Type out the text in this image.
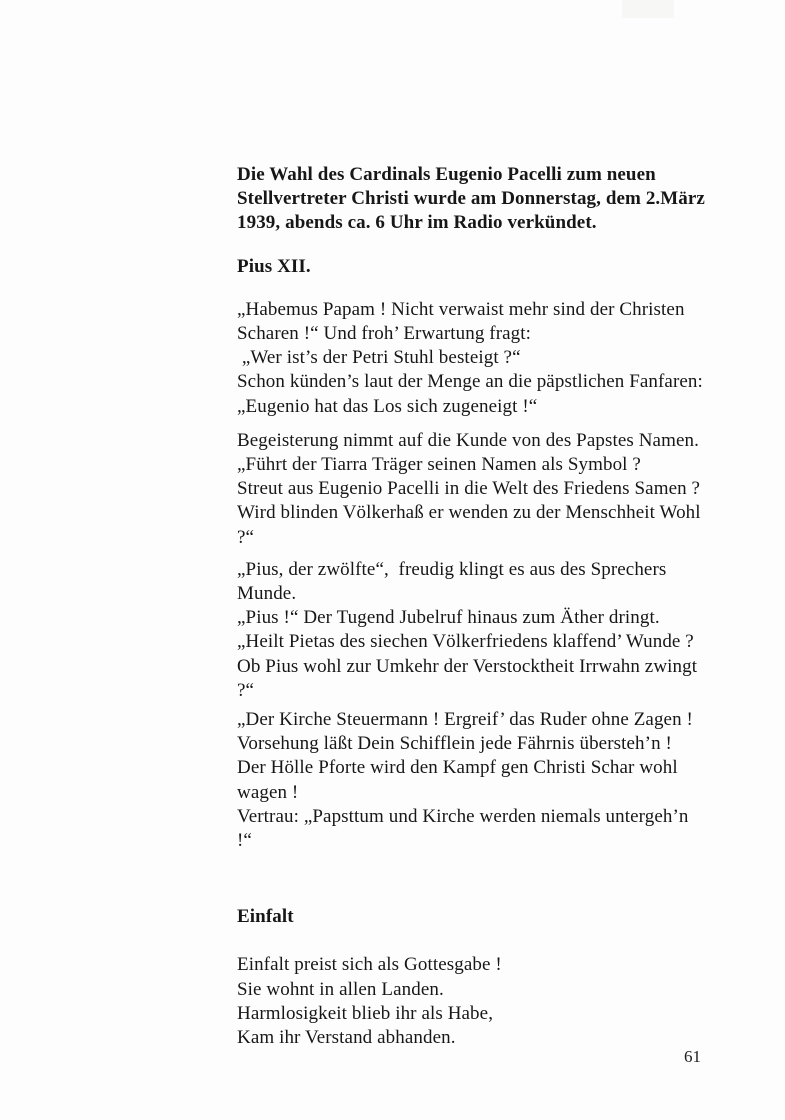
Die Wahl des Cardinals Eugenio Pacelli zum neuen
Stellvertreter Christi wurde am Donnerstag, dem 2.März
1939, abends ca. 6 Uhr im Radio verkündet.
Pius XII.
„Habemus Papam ! Nicht verwaist mehr sind der Christen
Scharen !“ Und froh’ Erwartung fragt:
„Wer ist’s der Petri Stuhl besteigt ?“
Schon künden’s laut der Menge an die päpstlichen Fanfaren:
„Eugenio hat das Los sich zugeneigt !“
Begeisterung nimmt auf die Kunde von des Papstes Namen.
„Führt der Tiarra Träger seinen Namen als Symbol ?
Streut aus Eugenio Pacelli in die Welt des Friedens Samen ?
Wird blinden Völkerhaß er wenden zu der Menschheit Wohl
?“
„Pius, der zwölfte“,  freudig klingt es aus des Sprechers
Munde.
„Pius !“ Der Tugend Jubelruf hinaus zum Äther dringt.
„Heilt Pietas des siechen Völkerfriedens klaffend’ Wunde ?
Ob Pius wohl zur Umkehr der Verstocktheit Irrwahn zwingt
?“
„Der Kirche Steuermann ! Ergreif’ das Ruder ohne Zagen !
Vorsehung läßt Dein Schifflein jede Fährnis übersteh’n !
Der Hölle Pforte wird den Kampf gen Christi Schar wohl
wagen !
Vertrau: „Papsttum und Kirche werden niemals untergeh’n
!“
Einfalt
Einfalt preist sich als Gottesgabe !
Sie wohnt in allen Landen.
Harmlosigkeit blieb ihr als Habe,
Kam ihr Verstand abhanden.
61
